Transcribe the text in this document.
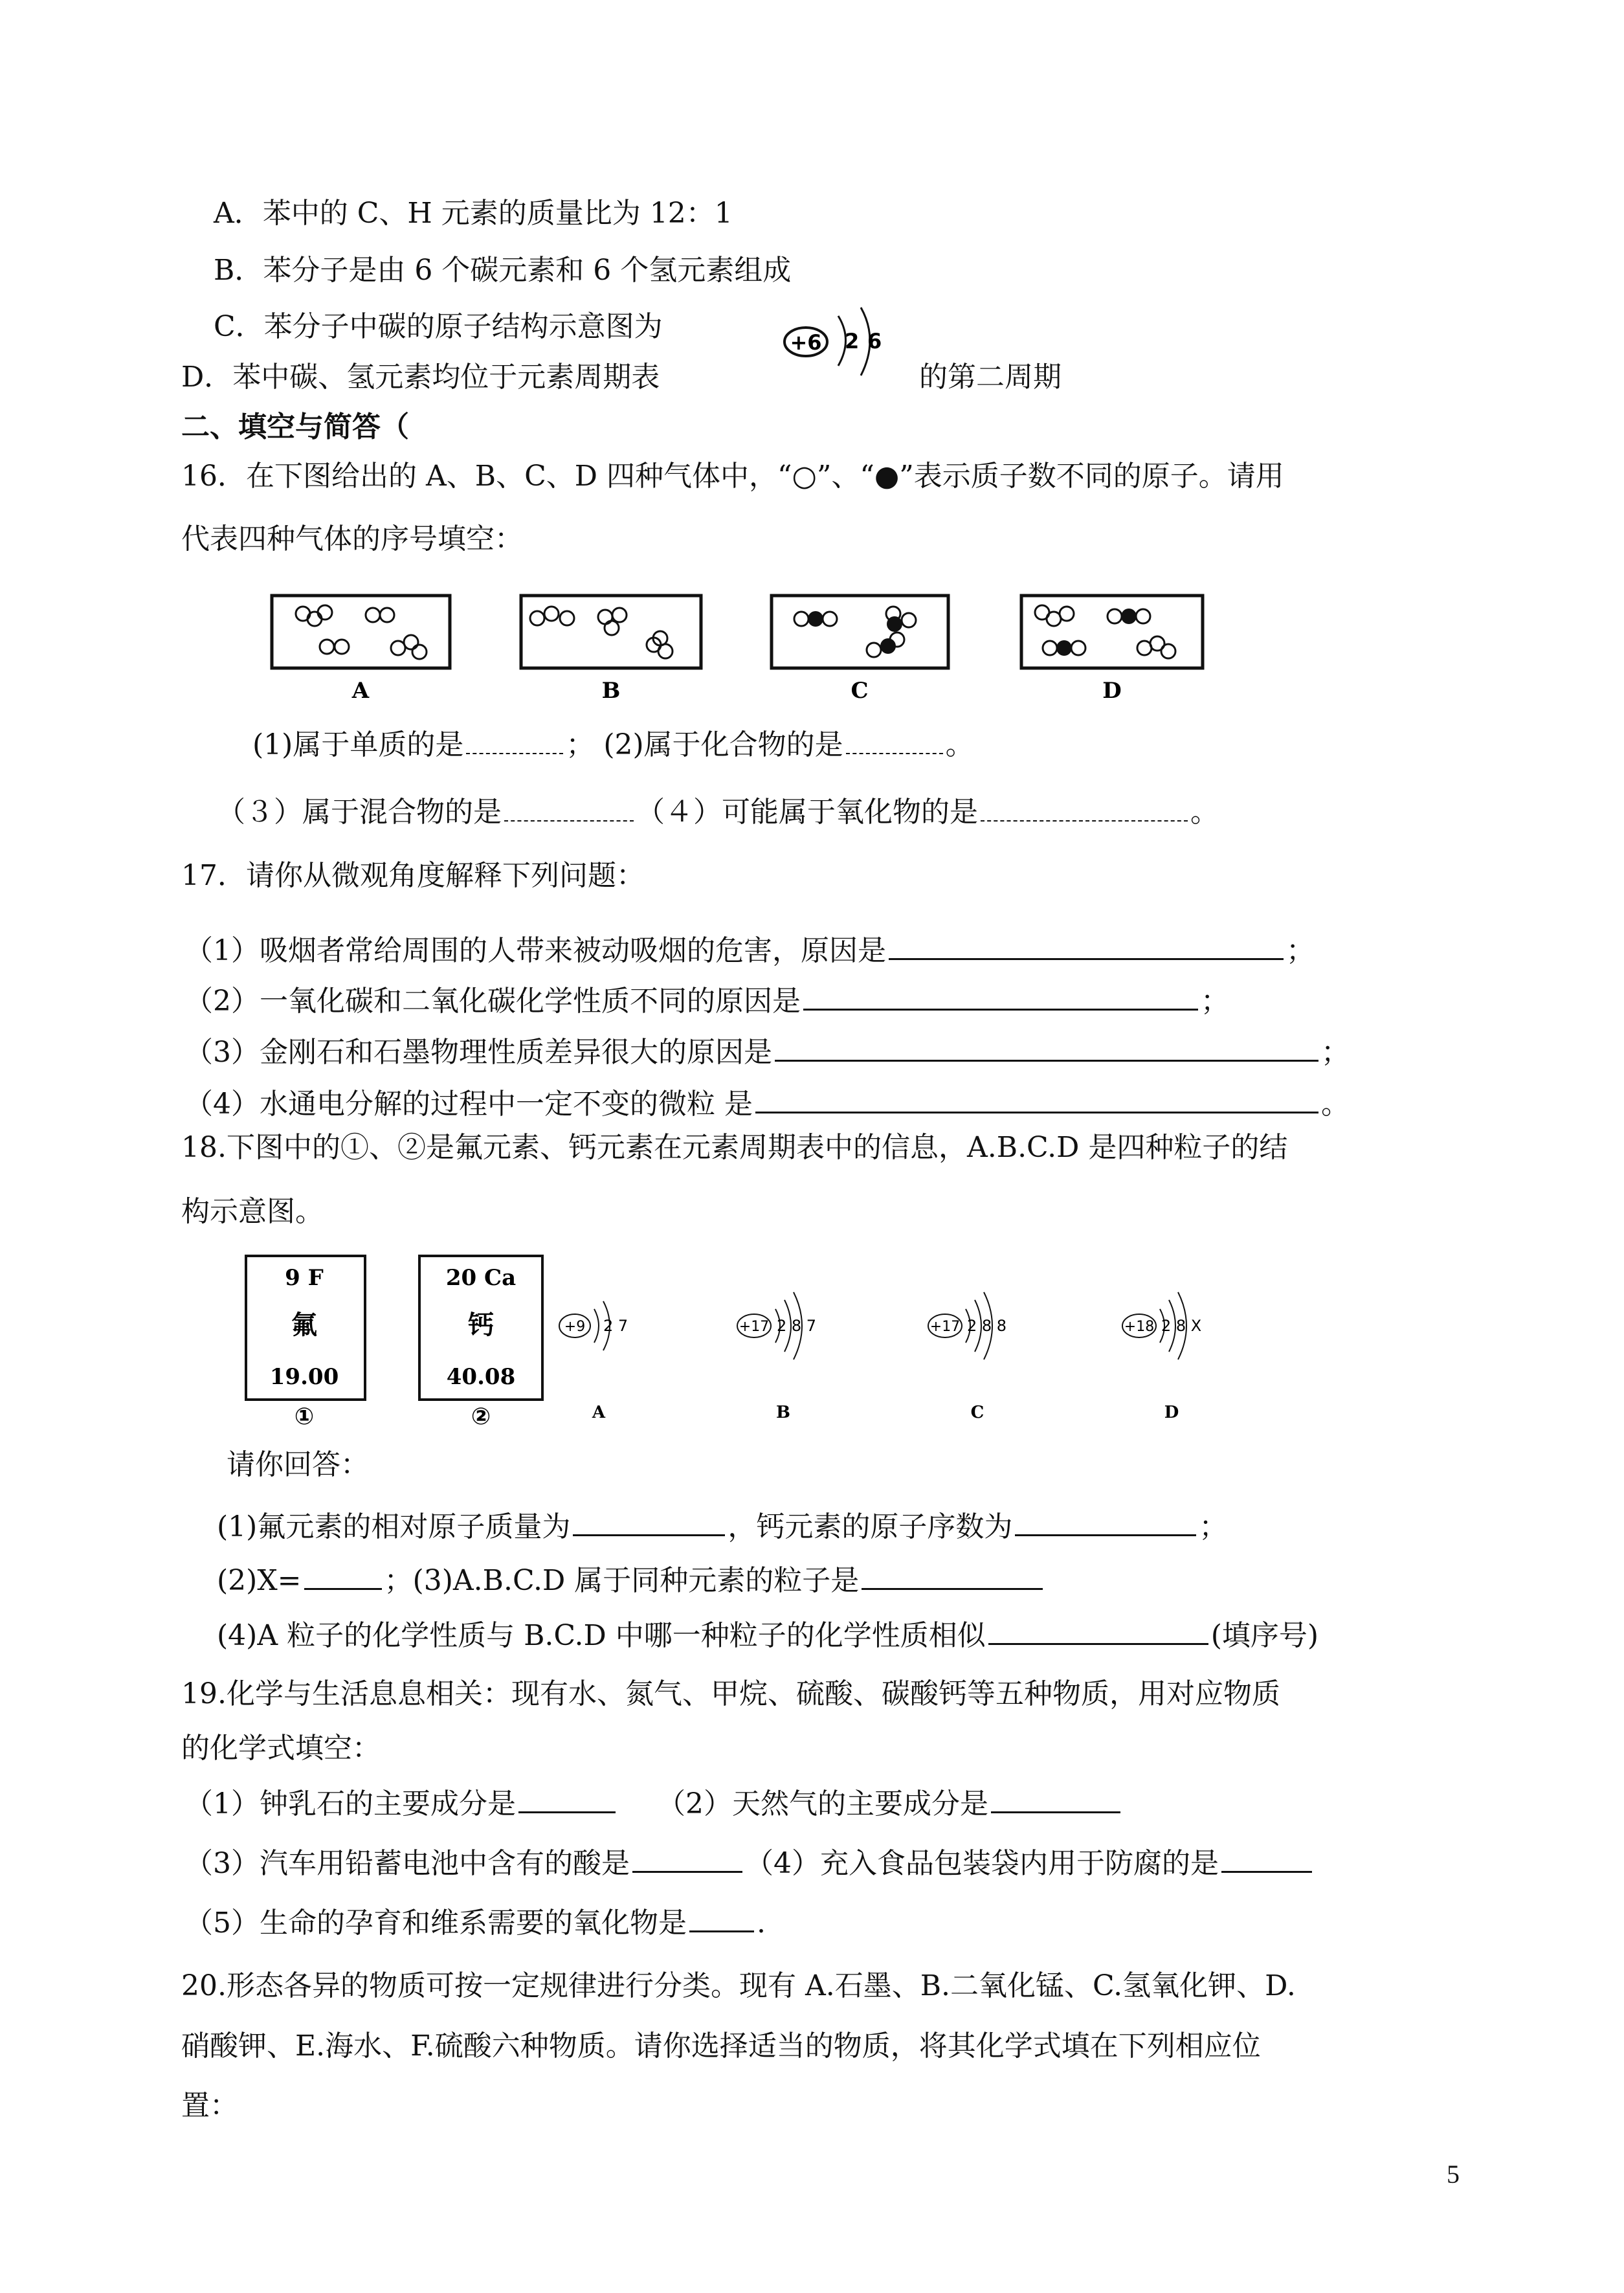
A．苯中的 C、H 元素的质量比为 12：1
B．苯分子是由 6 个碳元素和 6 个氢元素组成
C．苯分子中碳的原子结构示意图为
D．苯中碳、氢元素均位于元素周期表	的第二周期
+6 2 6
二、填空与简答（
16．在下图给出的 A、B、C、D 四种气体中，“○”、“●”表示质子数不同的原子。请用
代表四种气体的序号填空：
A	B	C	D
(1)属于单质的是	； (2)属于化合物的是	。
（３）属于混合物的是	（４）可能属于氧化物的是	。
17．请你从微观角度解释下列问题：
（1）吸烟者常给周围的人带来被动吸烟的危害，原因是	；
（2）一氧化碳和二氧化碳化学性质不同的原因是	；
（3）金刚石和石墨物理性质差异很大的原因是	；
（4）水通电分解的过程中一定不变的微粒 是	。
18.下图中的①、②是氟元素、钙元素在元素周期表中的信息，A.B.C.D 是四种粒子的结
构示意图。
9 F
氟
19.00
①
20 Ca
钙
40.08
②
+9 2 7
A
+17 2 8 7
B
+17 2 8 8
C
+18 2 8 X
D
请你回答：
(1)氟元素的相对原子质量为	，钙元素的原子序数为	；
(2)X=	；(3)A.B.C.D 属于同种元素的粒子是
(4)A 粒子的化学性质与 B.C.D 中哪一种粒子的化学性质相似	(填序号)
19.化学与生活息息相关：现有水、氮气、甲烷、硫酸、碳酸钙等五种物质，用对应物质
的化学式填空：
（1）钟乳石的主要成分是	（2）天然气的主要成分是
（3）汽车用铅蓄电池中含有的酸是	（4）充入食品包装袋内用于防腐的是
（5）生命的孕育和维系需要的氧化物是 .
20.形态各异的物质可按一定规律进行分类。现有 A.石墨、B.二氧化锰、C.氢氧化钾、D.
硝酸钾、E.海水、F.硫酸六种物质。请你选择适当的物质，将其化学式填在下列相应位
置：
5
